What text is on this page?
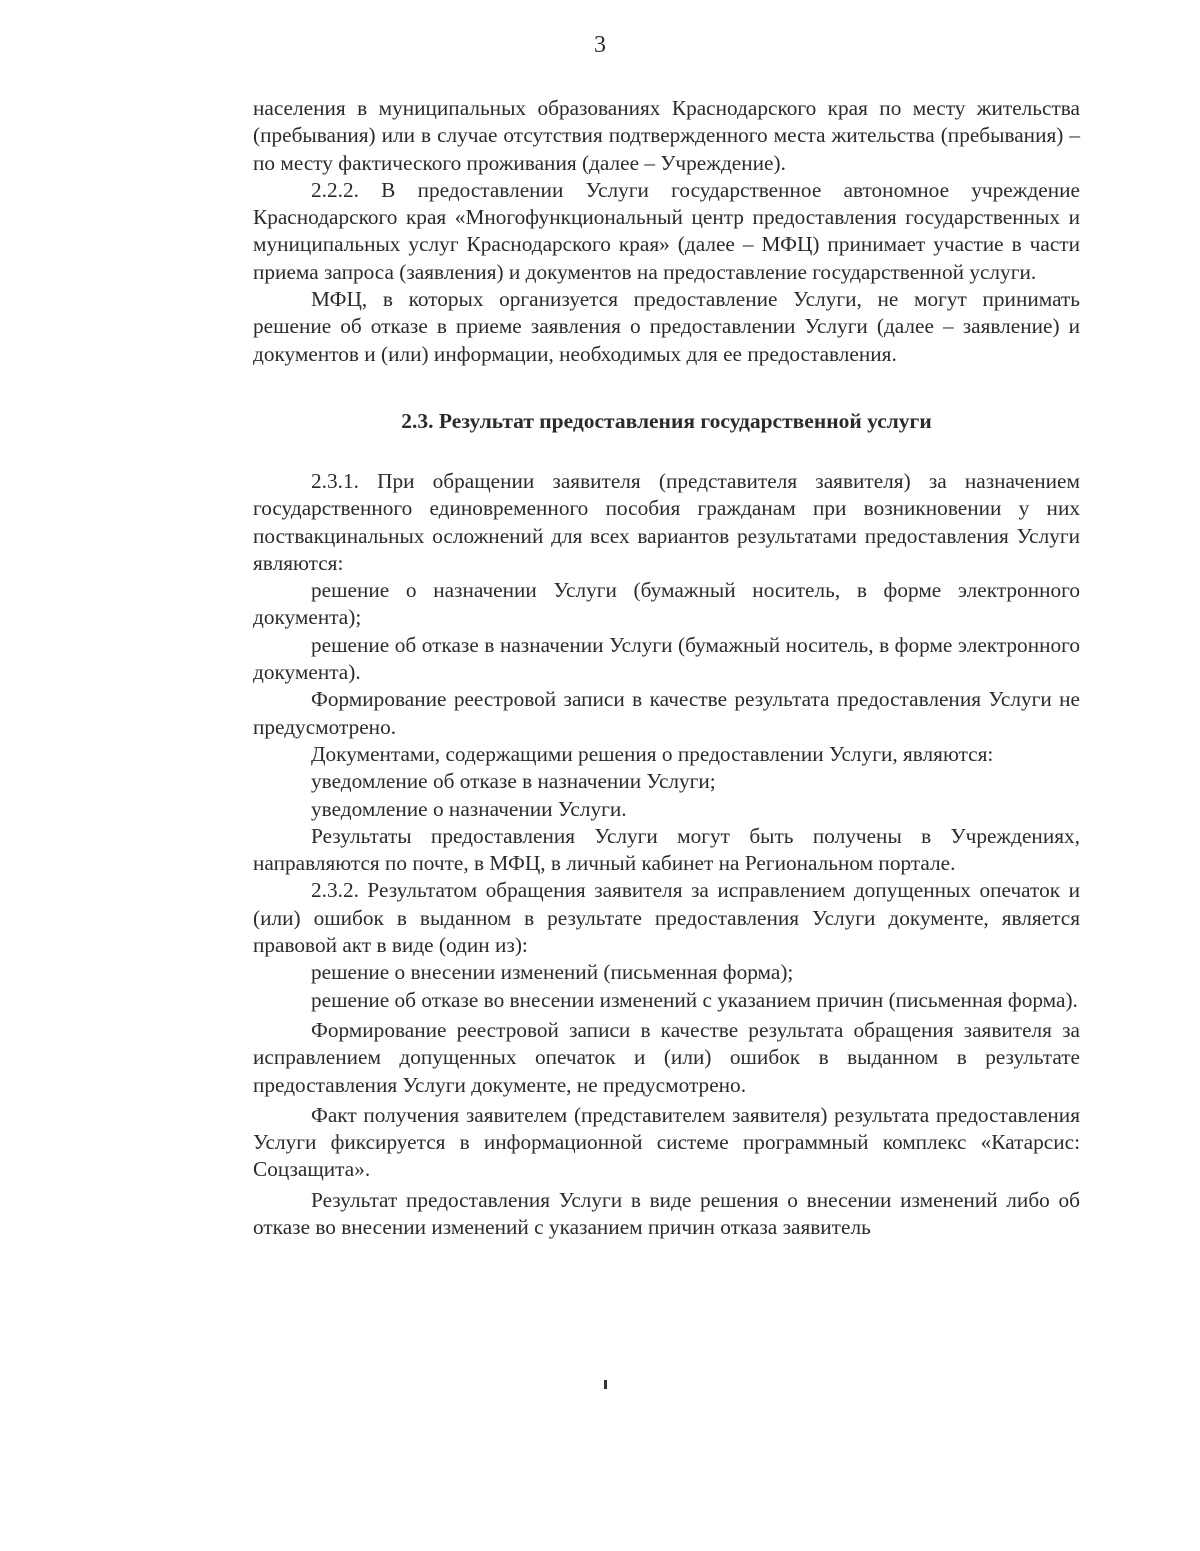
3

населения в муниципальных образованиях Краснодарского края по месту жительства (пребывания) или в случае отсутствия подтвержденного места жительства (пребывания) – по месту фактического проживания (далее – Учреждение).

2.2.2. В предоставлении Услуги государственное автономное учреждение Краснодарского края «Многофункциональный центр предоставления государственных и муниципальных услуг Краснодарского края» (далее – МФЦ) принимает участие в части приема запроса (заявления) и документов на предоставление государственной услуги.

МФЦ, в которых организуется предоставление Услуги, не могут принимать решение об отказе в приеме заявления о предоставлении Услуги (далее – заявление) и документов и (или) информации, необходимых для ее предоставления.

2.3. Результат предоставления государственной услуги

2.3.1. При обращении заявителя (представителя заявителя) за назначением государственного единовременного пособия гражданам при возникновении у них поствакцинальных осложнений для всех вариантов результатами предоставления Услуги являются:

решение о назначении Услуги (бумажный носитель, в форме электронного документа);

решение об отказе в назначении Услуги (бумажный носитель, в форме электронного документа).

Формирование реестровой записи в качестве результата предоставления Услуги не предусмотрено.

Документами, содержащими решения о предоставлении Услуги, являются:

уведомление об отказе в назначении Услуги;

уведомление о назначении Услуги.

Результаты предоставления Услуги могут быть получены в Учреждениях, направляются по почте, в МФЦ, в личный кабинет на Региональном портале.

2.3.2. Результатом обращения заявителя за исправлением допущенных опечаток и (или) ошибок в выданном в результате предоставления Услуги документе, является правовой акт в виде (один из):

решение о внесении изменений (письменная форма);

решение об отказе во внесении изменений с указанием причин (письменная форма).

Формирование реестровой записи в качестве результата обращения заявителя за исправлением допущенных опечаток и (или) ошибок в выданном в результате предоставления Услуги документе, не предусмотрено.

Факт получения заявителем (представителем заявителя) результата предоставления Услуги фиксируется в информационной системе программный комплекс «Катарсис: Соцзащита».

Результат предоставления Услуги в виде решения о внесении изменений либо об отказе во внесении изменений с указанием причин отказа заявитель
